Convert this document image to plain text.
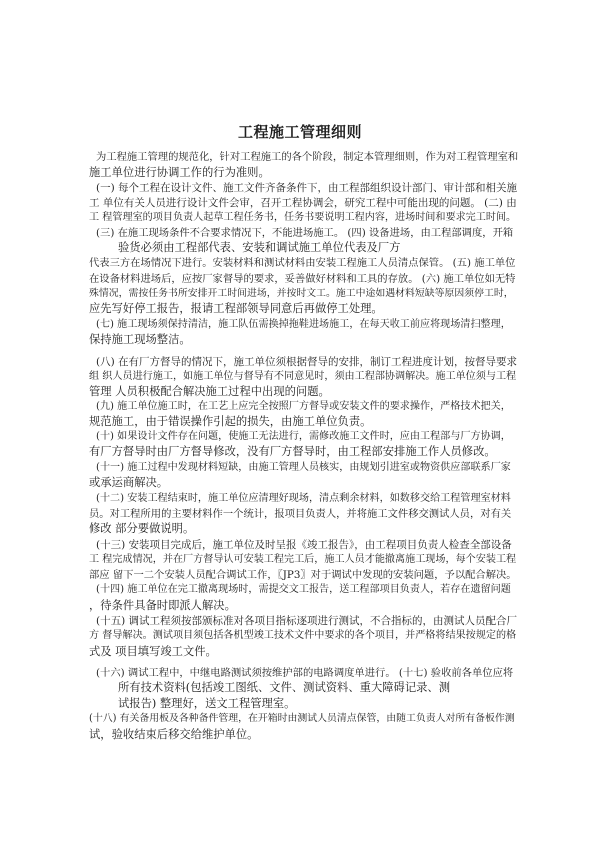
工程施工管理细则
为工程施工管理的规范化，针对工程施工的各个阶段，制定本管理细则，作为对工程管理室和
施工单位进行协调工作的行为准则。
(一) 每个工程在设计文件、施工文件齐备条件下，由工程部组织设计部门、审计部和相关施
工 单位有关人员进行设计文件会审，召开工程协调会，研究工程中可能出现的问题。 (二) 由
工 程管理室的项目负责人起草工程任务书，任务书要说明工程内容，进场时间和要求完工时间。
(三) 在施工现场条件不合要求情况下，不能进场施工。 (四) 设备进场，由工程部调度，开箱
验货必须由工程部代表、安装和调试施工单位代表及厂方
代表三方在场情况下进行。安装材料和测试材料由安装工程施工人员清点保管。 (五) 施工单位
在设备材料进场后，应按厂家督导的要求，妥善做好材料和工具的存放。 (六) 施工单位如无特
殊情况，需按任务书所安排开工时间进场，并按时文工。施工中途如遇材料短缺等原因须停工时，
应先写好停工报告，报请工程部领导同意后再做停工处理。
(七) 施工现场须保持清洁，施工队伍需换掉拖鞋进场施工，在每天收工前应将现场清扫整理，
保持施工现场整洁。
(八) 在有厂方督导的情况下，施工单位须根据督导的安排，制订工程进度计划，按督导要求
组 织人员进行施工，如施工单位与督导有不同意见时，须由工程部协调解决。施工单位须与工程
管理 人员积极配合解决施工过程中出现的问题。
(九) 施工单位施工时，在工艺上应完全按照厂方督导或安装文件的要求操作，严格技术把关，
规范施工，由于错误操作引起的损失，由施工单位负责。
(十) 如果设计文件存在问题，使施工无法进行，需修改施工文件时，应由工程部与厂方协调，
有厂方督导时由厂方督导修改，没有厂方督导时，由工程部安排施工作人员修改。
(十一) 施工过程中发现材料短缺，由施工管理人员核实，由规划引进室或物资供应部联系厂家
或承运商解决。
(十二) 安装工程结束时，施工单位应清理好现场，清点剩余材料，如数移交给工程管理室材料
员。对工程所用的主要材料作一个统计，报项目负责人，并将施工文件移交测试人员，对有关
修改 部分要做说明。
(十三) 安装项目完成后，施工单位及时呈报《竣工报告》，由工程项目负责人检查全部设备
工 程完成情况，并在厂方督导认可安装工程完工后，施工人员才能撤离施工现场，每个安装工程
部应 留下一二个安装人员配合调试工作，〖JP3〗对于调试中发现的安装问题，予以配合解决。
(十四) 施工单位在完工撤离现场时，需提交文工报告，送工程部项目负责人，若存在遗留问题
，待条件具备时即派人解决。
(十五) 调试工程须按部颁标准对各项目指标逐项进行测试，不合指标的，由测试人员配合厂
方 督导解决。测试项目须包括各机型竣工技术文件中要求的各个项目，并严格将结果按规定的格
式及 项目填写竣工文件。
(十六) 调试工程中，中继电路测试须按维护部的电路调度单进行。 (十七) 验收前各单位应将
所有技术资料(包括竣工图纸、文件、测试资料、重大障碍记录、测
试报告) 整理好，送文工程管理室。
(十八) 有关备用板及各种备件管理，在开箱时由测试人员清点保管，由随工负责人对所有备板作测
试，验收结束后移交给维护单位。
